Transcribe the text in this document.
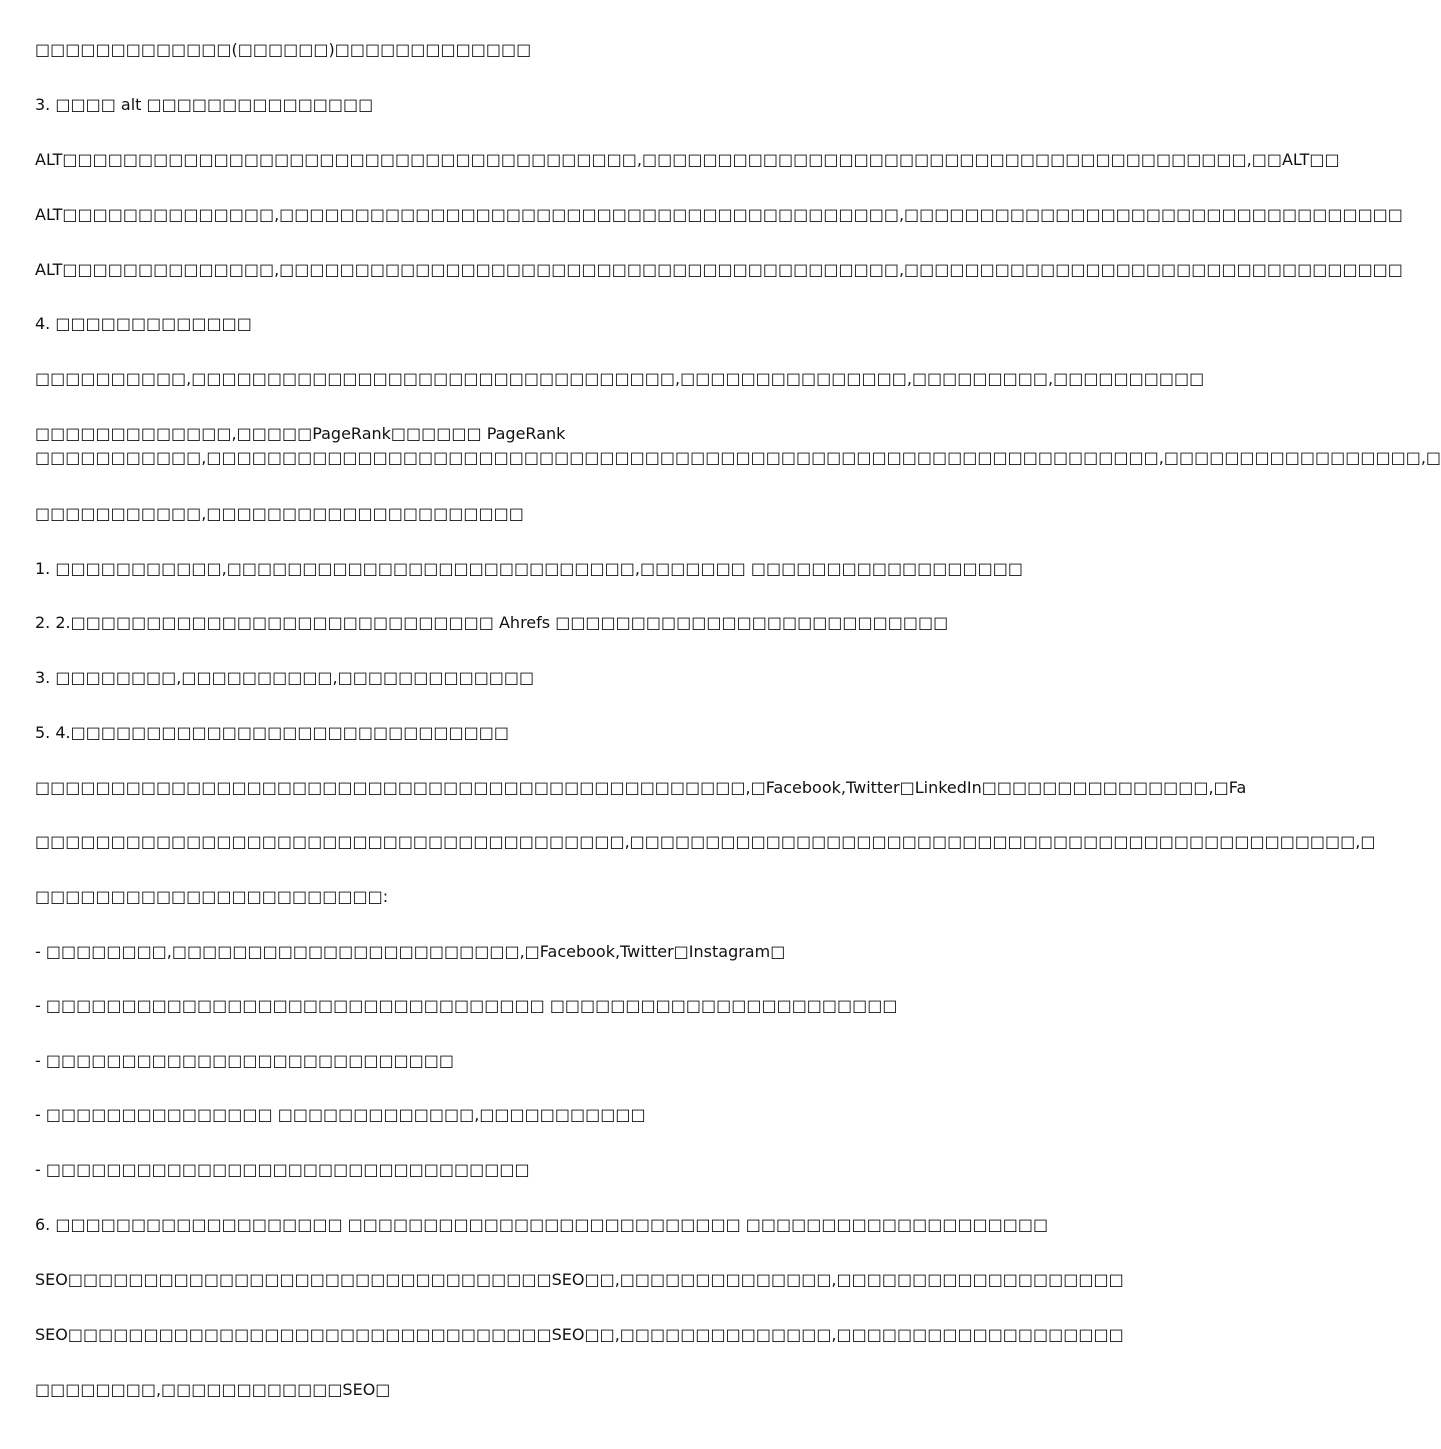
□□□□□□□□□□□□□(□□□□□□)□□□□□□□□□□□□□
3. □□□□ alt □□□□□□□□□□□□□□□
ALT□□□□□□□□□□□□□□□□□□□□□□□□□□□□□□□□□□□□□□,□□□□□□□□□□□□□□□□□□□□□□□□□□□□□□□□□□□□□□□□,□□ALT□□
ALT□□□□□□□□□□□□□□,□□□□□□□□□□□□□□□□□□□□□□□□□□□□□□□□□□□□□□□□□,□□□□□□□□□□□□□□□□□□□□□□□□□□□□□□□□□
ALT□□□□□□□□□□□□□□,□□□□□□□□□□□□□□□□□□□□□□□□□□□□□□□□□□□□□□□□□,□□□□□□□□□□□□□□□□□□□□□□□□□□□□□□□□□
4. □□□□□□□□□□□□□
□□□□□□□□□□,□□□□□□□□□□□□□□□□□□□□□□□□□□□□□□□□,□□□□□□□□□□□□□□□,□□□□□□□□□,□□□□□□□□□□
□□□□□□□□□□□□□,□□□□□PageRank□□□□□□ PageRank
□□□□□□□□□□□,□□□□□□□□□□□□□□□□□□□□□□□□□□□□□□□□□□□□□□□□□□□□□□□□□□□□□□□□□□□□□□□,□□□□□□□□□□□□□□□□□,□
□□□□□□□□□□□,□□□□□□□□□□□□□□□□□□□□□
1. □□□□□□□□□□□,□□□□□□□□□□□□□□□□□□□□□□□□□□□,□□□□□□□ □□□□□□□□□□□□□□□□□□
2. 2.□□□□□□□□□□□□□□□□□□□□□□□□□□□□ Ahrefs □□□□□□□□□□□□□□□□□□□□□□□□□□
3. □□□□□□□□,□□□□□□□□□□,□□□□□□□□□□□□□
5. 4.□□□□□□□□□□□□□□□□□□□□□□□□□□□□□
□□□□□□□□□□□□□□□□□□□□□□□□□□□□□□□□□□□□□□□□□□□□□□□,□Facebook,Twitter□LinkedIn□□□□□□□□□□□□□□□,□Fa
□□□□□□□□□□□□□□□□□□□□□□□□□□□□□□□□□□□□□□□,□□□□□□□□□□□□□□□□□□□□□□□□□□□□□□□□□□□□□□□□□□□□□□□□,□
□□□□□□□□□□□□□□□□□□□□□□□:
- □□□□□□□□,□□□□□□□□□□□□□□□□□□□□□□□,□Facebook,Twitter□Instagram□
- □□□□□□□□□□□□□□□□□□□□□□□□□□□□□□□□□ □□□□□□□□□□□□□□□□□□□□□□□
- □□□□□□□□□□□□□□□□□□□□□□□□□□□
- □□□□□□□□□□□□□□□ □□□□□□□□□□□□□,□□□□□□□□□□□
- □□□□□□□□□□□□□□□□□□□□□□□□□□□□□□□□
6. □□□□□□□□□□□□□□□□□□□ □□□□□□□□□□□□□□□□□□□□□□□□□□ □□□□□□□□□□□□□□□□□□□□
SEO□□□□□□□□□□□□□□□□□□□□□□□□□□□□□□□□SEO□□,□□□□□□□□□□□□□□,□□□□□□□□□□□□□□□□□□□
SEO□□□□□□□□□□□□□□□□□□□□□□□□□□□□□□□□SEO□□,□□□□□□□□□□□□□□,□□□□□□□□□□□□□□□□□□□
□□□□□□□□,□□□□□□□□□□□□SEO□
